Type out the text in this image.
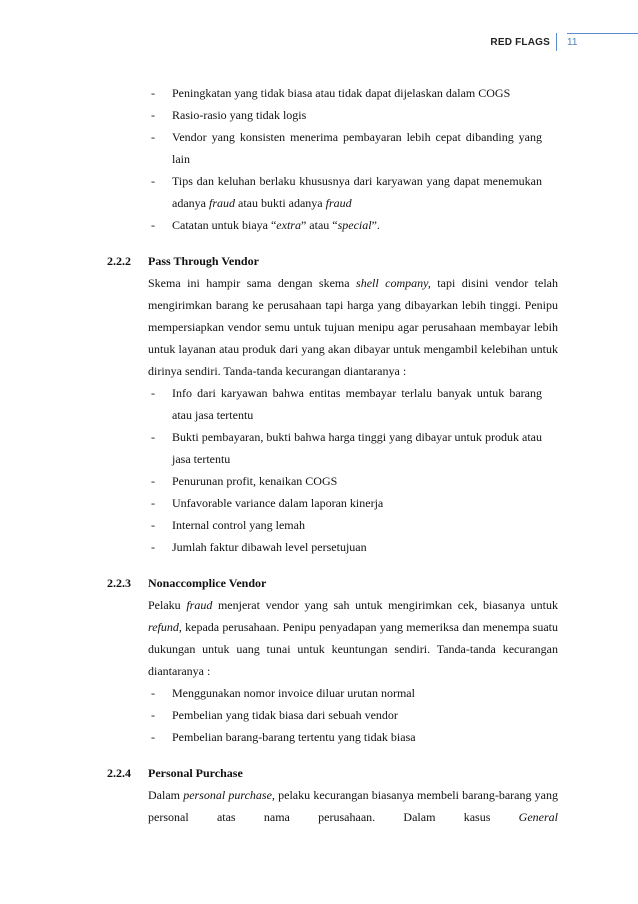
RED FLAGS 11
- Peningkatan yang tidak biasa atau tidak dapat dijelaskan dalam COGS
- Rasio-rasio yang tidak logis
- Vendor yang konsisten menerima pembayaran lebih cepat dibanding yang lain
- Tips dan keluhan berlaku khususnya dari karyawan yang dapat menemukan adanya fraud atau bukti adanya fraud
- Catatan untuk biaya “extra” atau “special”.
2.2.2 Pass Through Vendor

Skema ini hampir sama dengan skema shell company, tapi disini vendor telah mengirimkan barang ke perusahaan tapi harga yang dibayarkan lebih tinggi. Penipu mempersiapkan vendor semu untuk tujuan menipu agar perusahaan membayar lebih untuk layanan atau produk dari yang akan dibayar untuk mengambil kelebihan untuk dirinya sendiri. Tanda-tanda kecurangan diantaranya :

- Info dari karyawan bahwa entitas membayar terlalu banyak untuk barang atau jasa tertentu
- Bukti pembayaran, bukti bahwa harga tinggi yang dibayar untuk produk atau jasa tertentu
- Penurunan profit, kenaikan COGS
- Unfavorable variance dalam laporan kinerja
- Internal control yang lemah
- Jumlah faktur dibawah level persetujuan
2.2.3 Nonaccomplice Vendor

Pelaku fraud menjerat vendor yang sah untuk mengirimkan cek, biasanya untuk refund, kepada perusahaan. Penipu penyadapan yang memeriksa dan menempa suatu dukungan untuk uang tunai untuk keuntungan sendiri. Tanda-tanda kecurangan diantaranya :

- Menggunakan nomor invoice diluar urutan normal
- Pembelian yang tidak biasa dari sebuah vendor
- Pembelian barang-barang tertentu yang tidak biasa
2.2.4 Personal Purchase

Dalam personal purchase, pelaku kecurangan biasanya membeli barang-barang yang personal atas nama perusahaan. Dalam kasus General
